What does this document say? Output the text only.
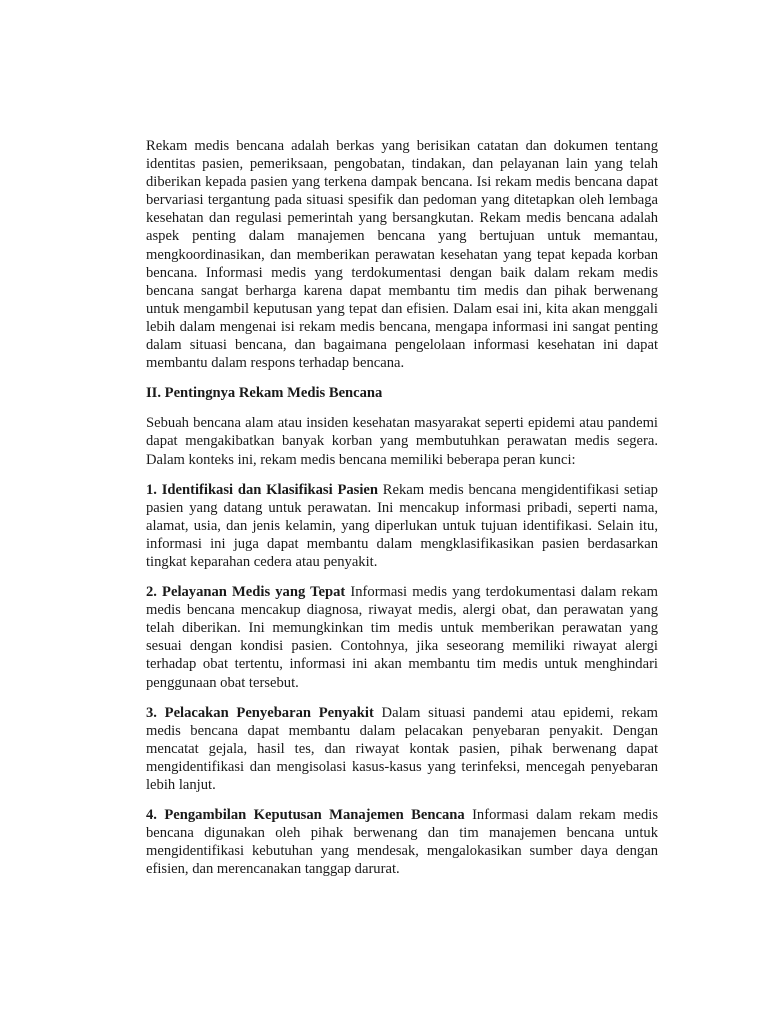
Rekam medis bencana adalah berkas yang berisikan catatan dan dokumen tentang identitas pasien, pemeriksaan, pengobatan, tindakan, dan pelayanan lain yang telah diberikan kepada pasien yang terkena dampak bencana. Isi rekam medis bencana dapat bervariasi tergantung pada situasi spesifik dan pedoman yang ditetapkan oleh lembaga kesehatan dan regulasi pemerintah yang bersangkutan. Rekam medis bencana adalah aspek penting dalam manajemen bencana yang bertujuan untuk memantau, mengkoordinasikan, dan memberikan perawatan kesehatan yang tepat kepada korban bencana. Informasi medis yang terdokumentasi dengan baik dalam rekam medis bencana sangat berharga karena dapat membantu tim medis dan pihak berwenang untuk mengambil keputusan yang tepat dan efisien. Dalam esai ini, kita akan menggali lebih dalam mengenai isi rekam medis bencana, mengapa informasi ini sangat penting dalam situasi bencana, dan bagaimana pengelolaan informasi kesehatan ini dapat membantu dalam respons terhadap bencana.

II. Pentingnya Rekam Medis Bencana

Sebuah bencana alam atau insiden kesehatan masyarakat seperti epidemi atau pandemi dapat mengakibatkan banyak korban yang membutuhkan perawatan medis segera. Dalam konteks ini, rekam medis bencana memiliki beberapa peran kunci:

1. Identifikasi dan Klasifikasi Pasien Rekam medis bencana mengidentifikasi setiap pasien yang datang untuk perawatan. Ini mencakup informasi pribadi, seperti nama, alamat, usia, dan jenis kelamin, yang diperlukan untuk tujuan identifikasi. Selain itu, informasi ini juga dapat membantu dalam mengklasifikasikan pasien berdasarkan tingkat keparahan cedera atau penyakit.

2. Pelayanan Medis yang Tepat Informasi medis yang terdokumentasi dalam rekam medis bencana mencakup diagnosa, riwayat medis, alergi obat, dan perawatan yang telah diberikan. Ini memungkinkan tim medis untuk memberikan perawatan yang sesuai dengan kondisi pasien. Contohnya, jika seseorang memiliki riwayat alergi terhadap obat tertentu, informasi ini akan membantu tim medis untuk menghindari penggunaan obat tersebut.

3. Pelacakan Penyebaran Penyakit Dalam situasi pandemi atau epidemi, rekam medis bencana dapat membantu dalam pelacakan penyebaran penyakit. Dengan mencatat gejala, hasil tes, dan riwayat kontak pasien, pihak berwenang dapat mengidentifikasi dan mengisolasi kasus-kasus yang terinfeksi, mencegah penyebaran lebih lanjut.

4. Pengambilan Keputusan Manajemen Bencana Informasi dalam rekam medis bencana digunakan oleh pihak berwenang dan tim manajemen bencana untuk mengidentifikasi kebutuhan yang mendesak, mengalokasikan sumber daya dengan efisien, dan merencanakan tanggap darurat.
